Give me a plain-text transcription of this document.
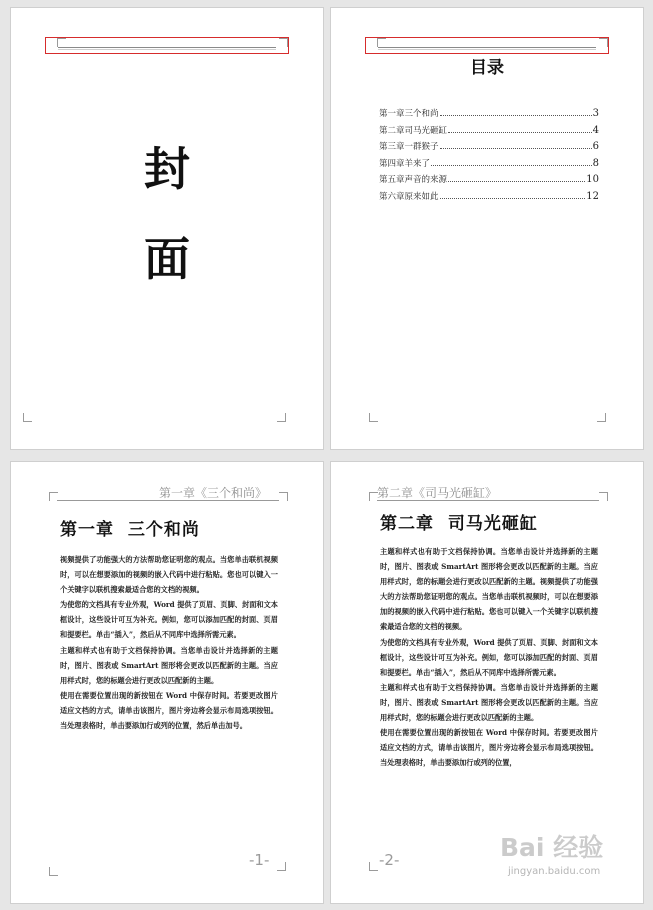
封
面
目录
第一章三个和尚	3
第二章司马光砸缸	4
第三章一群猴子	6
第四章羊来了	8
第五章声音的来源	10
第六章原来如此	12
第一章《三个和尚》
第一章  三个和尚

视频提供了功能强大的方法帮助您证明您的观点。当您单击联机视频时，可以在想要添加的视频的嵌入代码中进行粘贴。您也可以键入一个关键字以联机搜索最适合您的文档的视频。

为使您的文档具有专业外观，Word 提供了页眉、页脚、封面和文本框设计，这些设计可互为补充。例如，您可以添加匹配的封面、页眉和提要栏。单击“插入”，然后从不同库中选择所需元素。

主题和样式也有助于文档保持协调。当您单击设计并选择新的主题时，图片、图表或 SmartArt 图形将会更改以匹配新的主题。当应用样式时，您的标题会进行更改以匹配新的主题。

使用在需要位置出现的新按钮在 Word 中保存时间。若要更改图片适应文档的方式，请单击该图片，图片旁边将会显示布局选项按钮。当处理表格时，单击要添加行或列的位置，然后单击加号。

-1-
第二章《司马光砸缸》
第二章  司马光砸缸

主题和样式也有助于文档保持协调。当您单击设计并选择新的主题时，图片、图表或 SmartArt 图形将会更改以匹配新的主题。当应用样式时，您的标题会进行更改以匹配新的主题。视频提供了功能强大的方法帮助您证明您的观点。当您单击联机视频时，可以在想要添加的视频的嵌入代码中进行粘贴。您也可以键入一个关键字以联机搜索最适合您的文档的视频。

为使您的文档具有专业外观，Word 提供了页眉、页脚、封面和文本框设计，这些设计可互为补充。例如，您可以添加匹配的封面、页眉和提要栏。单击“插入”，然后从不同库中选择所需元素。

主题和样式也有助于文档保持协调。当您单击设计并选择新的主题时，图片、图表或 SmartArt 图形将会更改以匹配新的主题。当应用样式时，您的标题会进行更改以匹配新的主题。

使用在需要位置出现的新按钮在 Word 中保存时间。若要更改图片适应文档的方式，请单击该图片，图片旁边将会显示布局选项按钮。当处理表格时，单击要添加行或列的位置，

-2-	Bai 经验
jingyan.baidu.com
